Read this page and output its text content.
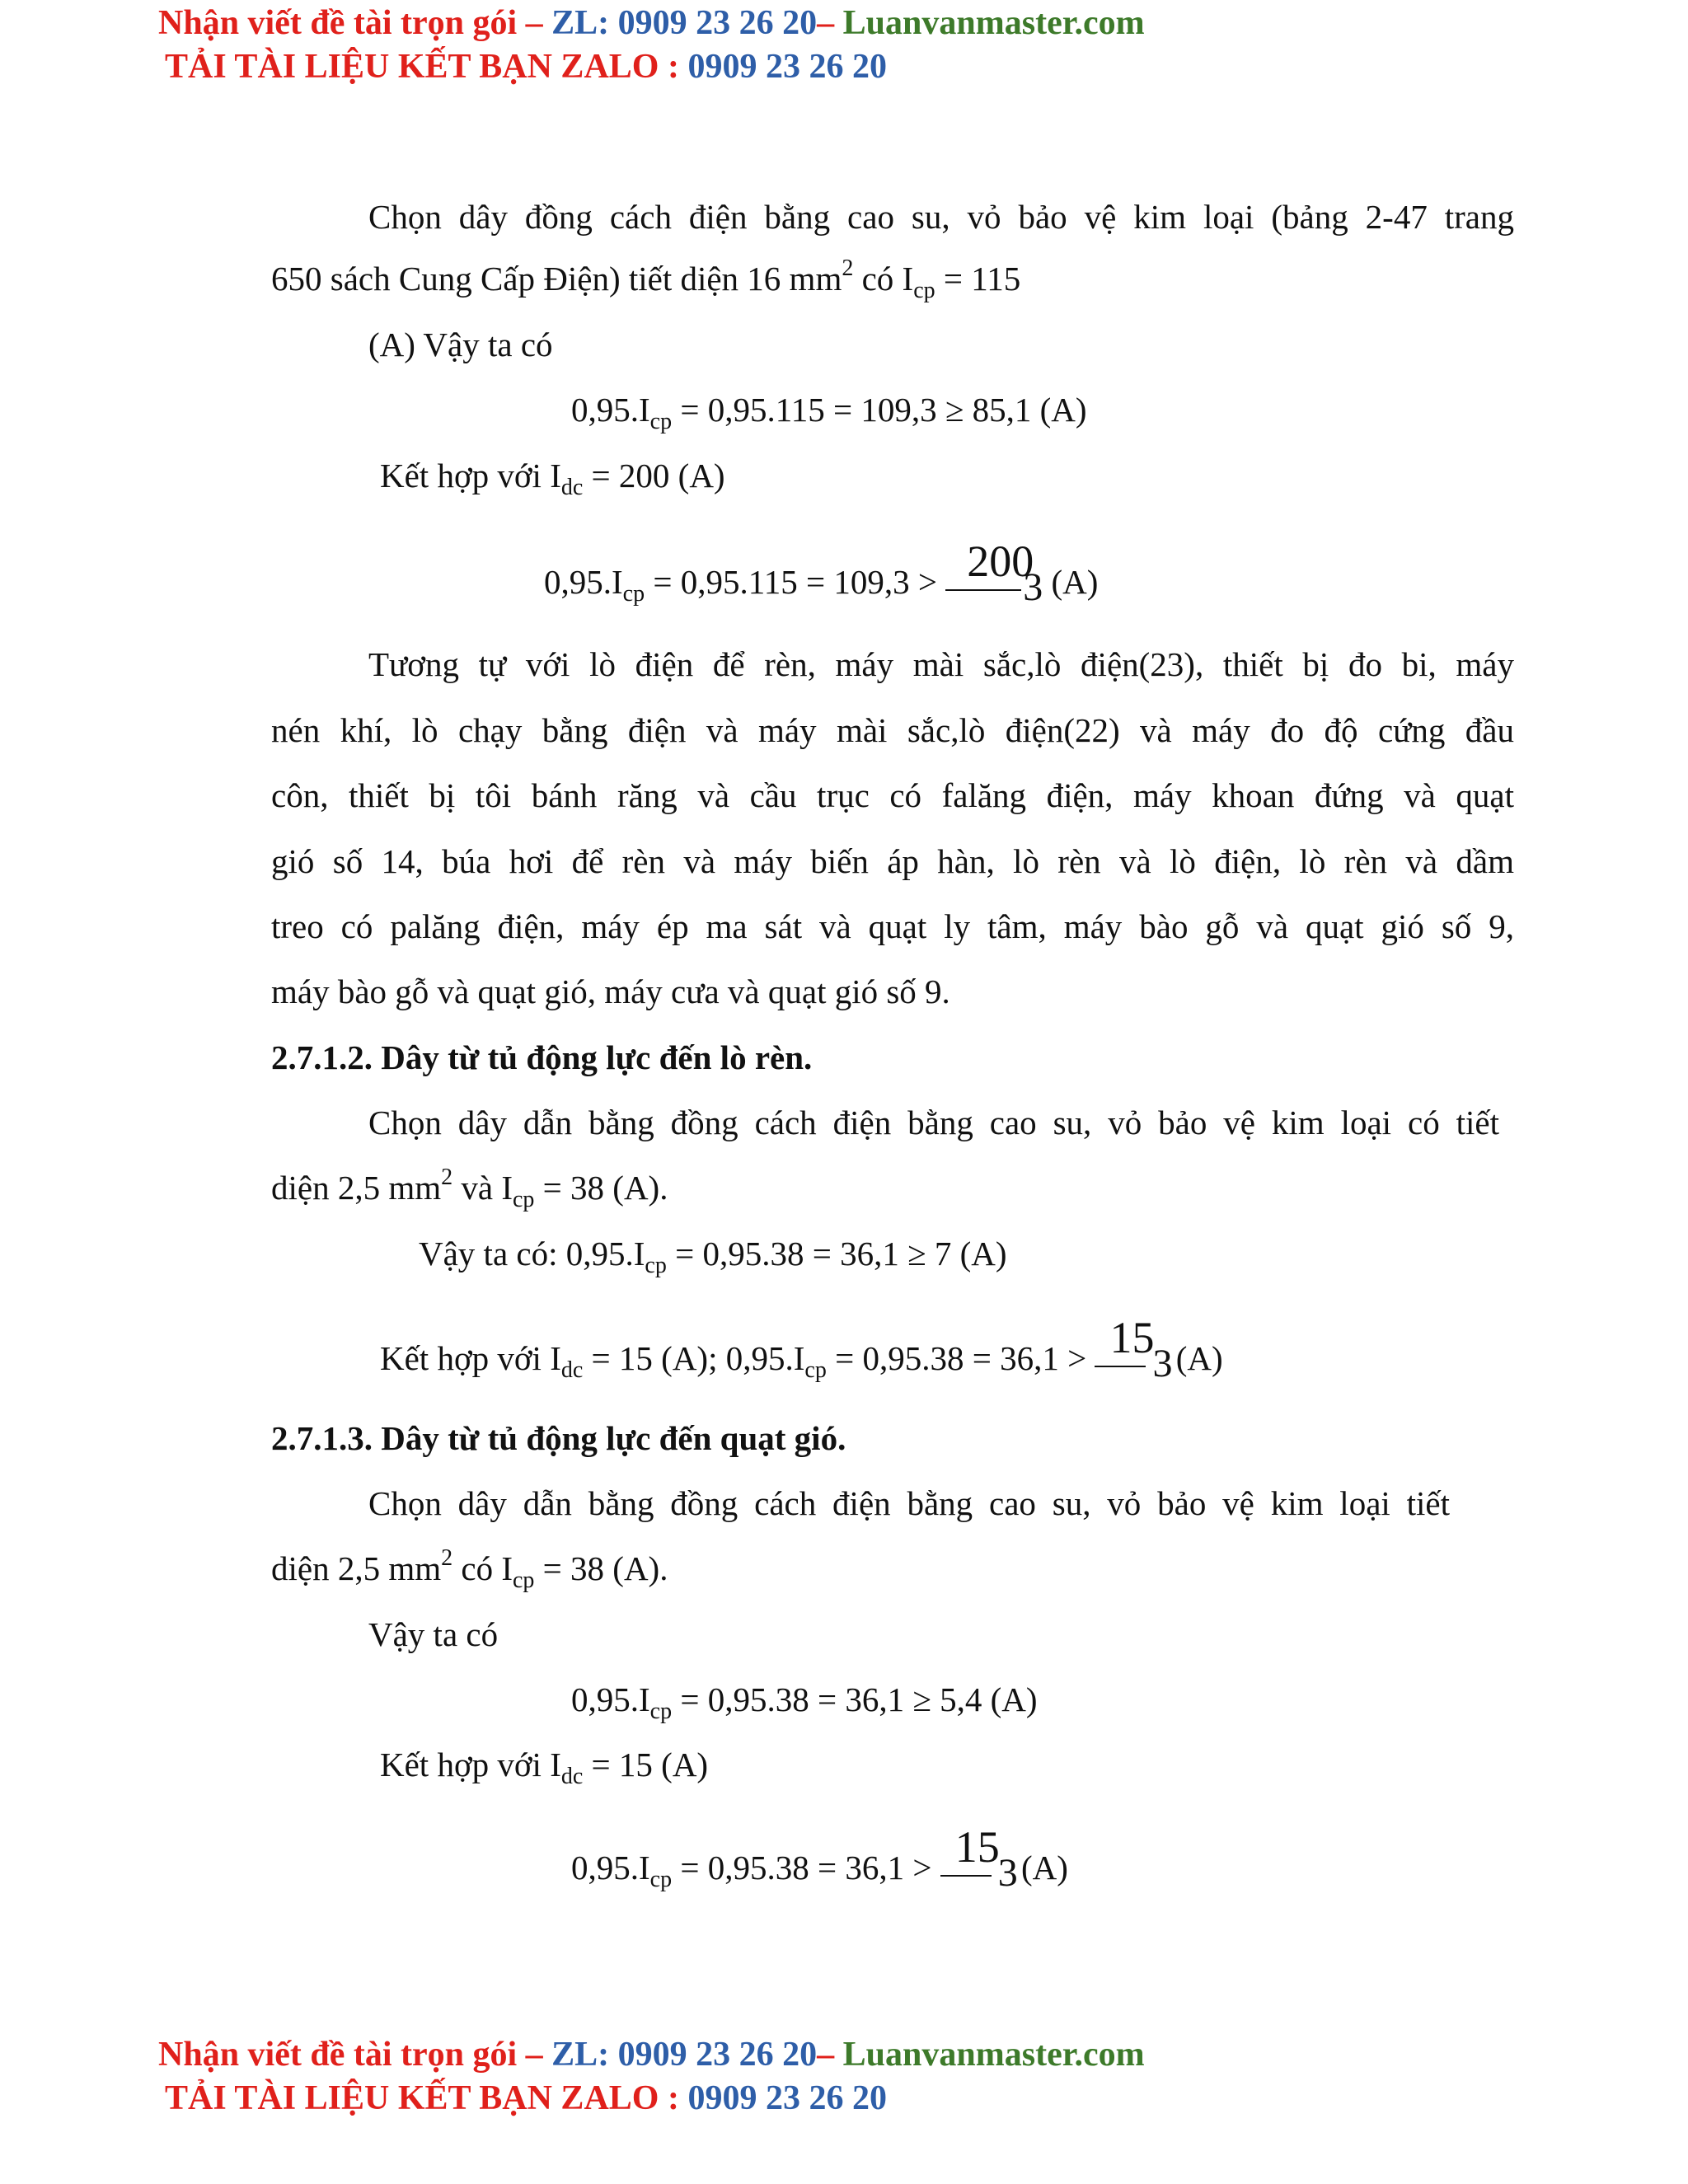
Nhận viết đề tài trọn gói – ZL: 0909 23 26 20– Luanvanmaster.com
TẢI TÀI LIỆU KẾT BẠN ZALO : 0909 23 26 20
Chọn dây đồng cách điện bằng cao su, vỏ bảo vệ kim loại (bảng 2-47 trang
650 sách Cung Cấp Điện) tiết diện 16 $mm^2$ có $I_{cp} = 115$
(A) Vậy ta có
$0,95.I_{cp} = 0,95.115 = 109,3 \ge 85,1$ (A)
Kết hợp với $I_{dc} = 200$ (A)
$0,95.I_{cp} = 0,95.115 = 109,3 > 200$
3 (A)
Tương tự với lò điện để rèn, máy mài sắc,lò điện(23), thiết bị đo bi, máy
nén khí, lò chạy bằng điện và máy mài sắc,lò điện(22) và máy đo độ cứng đầu
côn, thiết bị tôi bánh răng và cầu trục có falăng điện, máy khoan đứng và quạt
gió số 14, búa hơi để rèn và máy biến áp hàn, lò rèn và lò điện, lò rèn và dầm
treo có palăng điện, máy ép ma sát và quạt ly tâm, máy bào gỗ và quạt gió số 9,
máy bào gỗ và quạt gió, máy cưa và quạt gió số 9.
2.7.1.2. Dây từ tủ động lực đến lò rèn.
Chọn dây dẫn bằng đồng cách điện bằng cao su, vỏ bảo vệ kim loại có tiết
diện 2,5 $mm^2$ và $I_{cp} = 38$ (A).
Vậy ta có: $0,95.I_{cp} = 0,95.38 = 36,1 \ge 7$ (A)
Kết hợp với $I_{dc} = 15$ (A); $0,95.I_{cp} = 0,95.38 = 36,1 > 15$
3
(A)
2.7.1.3. Dây từ tủ động lực đến quạt gió.
Chọn dây dẫn bằng đồng cách điện bằng cao su, vỏ bảo vệ kim loại tiết
diện 2,5 $mm^2$ có $I_{cp} = 38$ (A).
Vậy ta có
$0,95.I_{cp} = 0,95.38 = 36,1 \ge 5,4$ (A)
Kết hợp với $I_{dc} = 15$ (A)
$0,95.I_{cp} = 0,95.38 = 36,1 > 15$
3
(A)
Nhận viết đề tài trọn gói – ZL: 0909 23 26 20– Luanvanmaster.com
TẢI TÀI LIỆU KẾT BẠN ZALO : 0909 23 26 20
